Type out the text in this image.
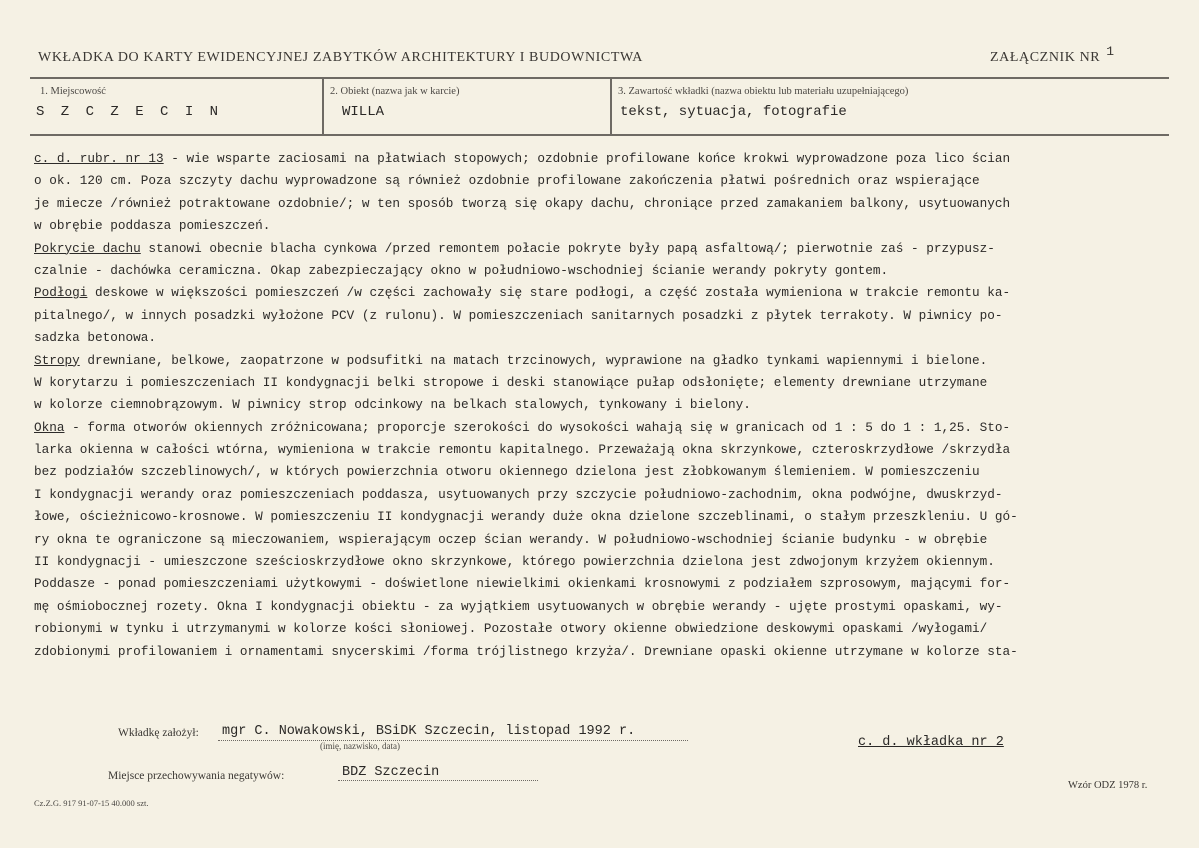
WKŁADKA DO KARTY EWIDENCYJNEJ ZABYTKÓW ARCHITEKTURY I BUDOWNICTWA	ZAŁĄCZNIK NR 1
1. Miejscowość
S Z C Z E C I N
2. Obiekt (nazwa jak w karcie)
WILLA
3. Zawartość wkładki (nazwa obiektu lub materiału uzupełniającego)
tekst, sytuacja, fotografie
c. d. rubr. nr 13 - wie wsparte zaciosami na płatwiach stopowych; ozdobnie profilowane końce krokwi wyprowadzone poza lico ścian
o ok. 120 cm. Poza szczyty dachu wyprowadzone są również ozdobnie profilowane zakończenia płatwi pośrednich oraz wspierające
je miecze /również potraktowane ozdobnie/; w ten sposób tworzą się okapy dachu, chroniące przed zamakaniem balkony, usytuowanych
w obrębie poddasza pomieszczeń.
Pokrycie dachu stanowi obecnie blacha cynkowa /przed remontem połacie pokryte były papą asfaltową/; pierwotnie zaś - przypusz-
czalnie - dachówka ceramiczna. Okap zabezpieczający okno w południowo-wschodniej ścianie werandy pokryty gontem.
Podłogi deskowe w większości pomieszczeń /w części zachowały się stare podłogi, a część została wymieniona w trakcie remontu ka-
pitalnego/, w innych posadzki wyłożone PCV (z rulonu). W pomieszczeniach sanitarnych posadzki z płytek terrakoty. W piwnicy po-
sadzka betonowa.
Stropy drewniane, belkowe, zaopatrzone w podsufitki na matach trzcinowych, wyprawione na gładko tynkami wapiennymi i bielone.
W korytarzu i pomieszczeniach II kondygnacji belki stropowe i deski stanowiące pułap odsłonięte; elementy drewniane utrzymane
w kolorze ciemnobrązowym. W piwnicy strop odcinkowy na belkach stalowych, tynkowany i bielony.
Okna - forma otworów okiennych zróżnicowana; proporcje szerokości do wysokości wahają się w granicach od 1 : 5 do 1 : 1,25. Sto-
larka okienna w całości wtórna, wymieniona w trakcie remontu kapitalnego. Przeważają okna skrzynkowe, czteroskrzydłowe /skrzydła
bez podziałów szczeblinowych/, w których powierzchnia otworu okiennego dzielona jest złobkowanym ślemieniem. W pomieszczeniu
I kondygnacji werandy oraz pomieszczeniach poddasza, usytuowanych przy szczycie południowo-zachodnim, okna podwójne, dwuskrzyd-
łowe, ościeżnicowo-krosnowe. W pomieszczeniu II kondygnacji werandy duże okna dzielone szczeblinami, o stałym przeszkleniu. U gó-
ry okna te ograniczone są mieczowaniem, wspierającym oczep ścian werandy. W południowo-wschodniej ścianie budynku - w obrębie
II kondygnacji - umieszczone sześcioskrzydłowe okno skrzynkowe, którego powierzchnia dzielona jest zdwojonym krzyżem okiennym.
Poddasze - ponad pomieszczeniami użytkowymi - doświetlone niewielkimi okienkami krosnowymi z podziałem szprosowym, mającymi for-
mę ośmiobocznej rozety. Okna I kondygnacji obiektu - za wyjątkiem usytuowanych w obrębie werandy - ujęte prostymi opaskami, wy-
robionymi w tynku i utrzymanymi w kolorze kości słoniowej. Pozostałe otwory okienne obwiedzione deskowymi opaskami /wyłogami/
zdobionymi profilowaniem i ornamentami snycerskimi /forma trójlistnego krzyża/. Drewniane opaski okienne utrzymane w kolorze sta-
Wkładkę założył: mgr C. Nowakowski, BSiDK Szczecin, listopad 1992 r.
(imię, nazwisko, data)	c. d. wkładka nr 2
Miejsce przechowywania negatywów:	BDZ Szczecin
Cz.Z.G. 917 91-07-15 40.000 szt.
Wzór ODZ 1978 r.
